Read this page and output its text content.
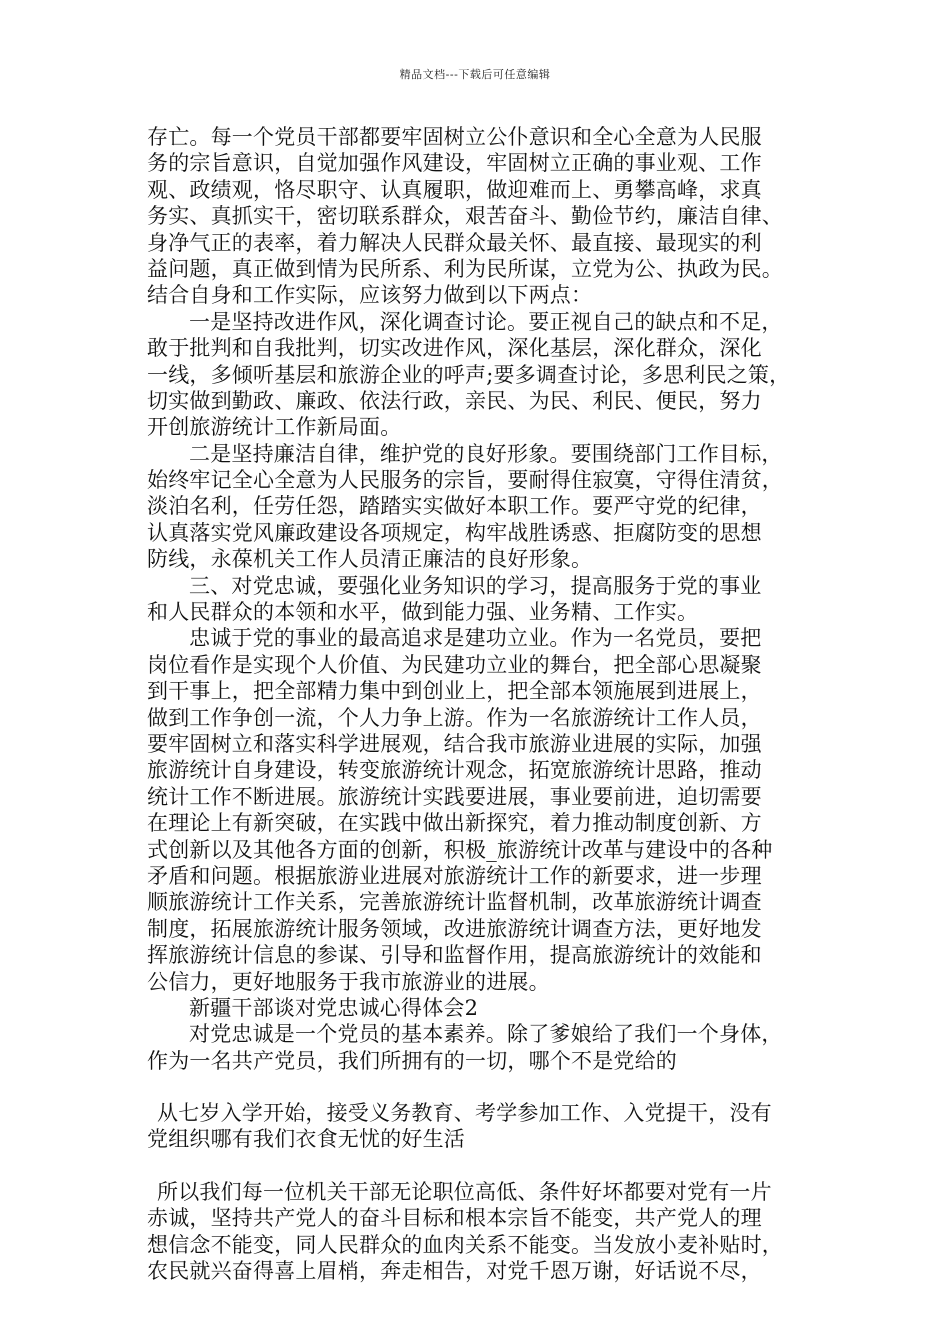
精品文档---下载后可任意编辑
存亡。每一个党员干部都要牢固树立公仆意识和全心全意为人民服
务的宗旨意识，自觉加强作风建设，牢固树立正确的事业观、工作
观、政绩观，恪尽职守、认真履职，做迎难而上、勇攀高峰，求真
务实、真抓实干，密切联系群众，艰苦奋斗、勤俭节约，廉洁自律、
身净气正的表率，着力解决人民群众最关怀、最直接、最现实的利
益问题，真正做到情为民所系、利为民所谋，立党为公、执政为民。
结合自身和工作实际，应该努力做到以下两点：
一是坚持改进作风，深化调查讨论。要正视自己的缺点和不足，
敢于批判和自我批判，切实改进作风，深化基层，深化群众，深化
一线，多倾听基层和旅游企业的呼声;要多调查讨论，多思利民之策，
切实做到勤政、廉政、依法行政，亲民、为民、利民、便民，努力
开创旅游统计工作新局面。
二是坚持廉洁自律，维护党的良好形象。要围绕部门工作目标，
始终牢记全心全意为人民服务的宗旨，要耐得住寂寞，守得住清贫，
淡泊名利，任劳任怨，踏踏实实做好本职工作。要严守党的纪律，
认真落实党风廉政建设各项规定，构牢战胜诱惑、拒腐防变的思想
防线，永葆机关工作人员清正廉洁的良好形象。
三、对党忠诚，要强化业务知识的学习，提高服务于党的事业
和人民群众的本领和水平，做到能力强、业务精、工作实。
忠诚于党的事业的最高追求是建功立业。作为一名党员，要把
岗位看作是实现个人价值、为民建功立业的舞台，把全部心思凝聚
到干事上，把全部精力集中到创业上，把全部本领施展到进展上，
做到工作争创一流，个人力争上游。作为一名旅游统计工作人员，
要牢固树立和落实科学进展观，结合我市旅游业进展的实际，加强
旅游统计自身建设，转变旅游统计观念，拓宽旅游统计思路，推动
统计工作不断进展。旅游统计实践要进展，事业要前进，迫切需要
在理论上有新突破，在实践中做出新探究，着力推动制度创新、方
式创新以及其他各方面的创新，积极_旅游统计改革与建设中的各种
矛盾和问题。根据旅游业进展对旅游统计工作的新要求，进一步理
顺旅游统计工作关系，完善旅游统计监督机制，改革旅游统计调查
制度，拓展旅游统计服务领域，改进旅游统计调查方法，更好地发
挥旅游统计信息的参谋、引导和监督作用，提高旅游统计的效能和
公信力，更好地服务于我市旅游业的进展。
新疆干部谈对党忠诚心得体会2
对党忠诚是一个党员的基本素养。除了爹娘给了我们一个身体，
作为一名共产党员，我们所拥有的一切，哪个不是党给的
从七岁入学开始，接受义务教育、考学参加工作、入党提干，没有
党组织哪有我们衣食无忧的好生活
所以我们每一位机关干部无论职位高低、条件好坏都要对党有一片
赤诚，坚持共产党人的奋斗目标和根本宗旨不能变，共产党人的理
想信念不能变，同人民群众的血肉关系不能变。当发放小麦补贴时，
农民就兴奋得喜上眉梢，奔走相告，对党千恩万谢，好话说不尽，
